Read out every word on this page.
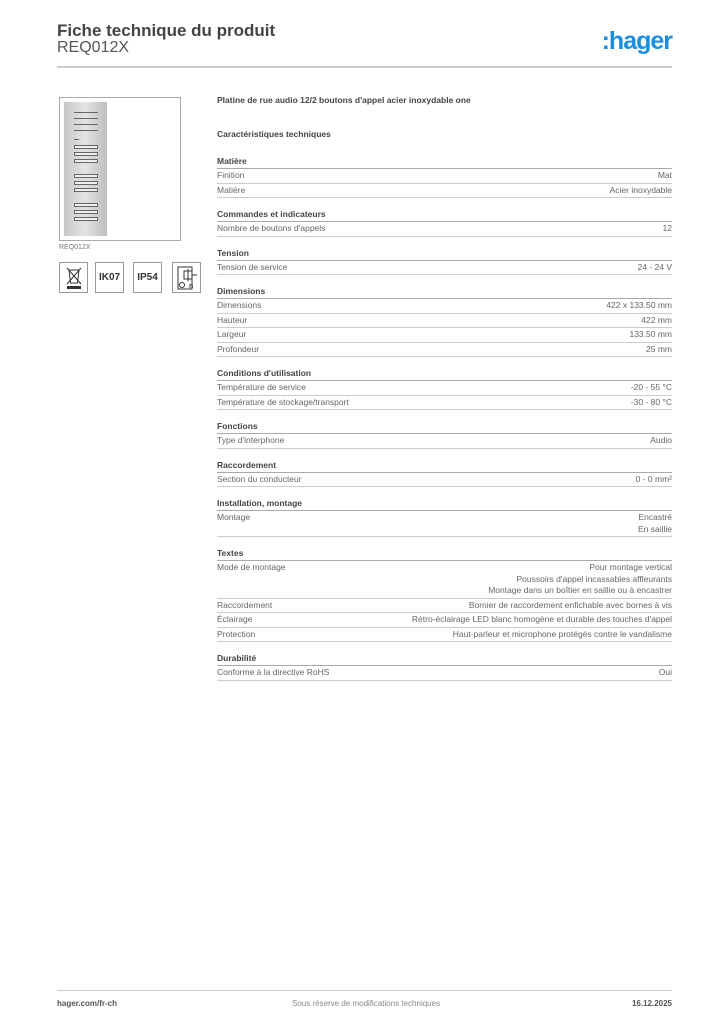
Fiche technique du produit
REQ012X	:hager
REQ012X
IK07	IP54
n
Platine de rue audio 12/2 boutons d'appel acier inoxydable one
Caractéristiques techniques
Matière
Finition	Mat
Matière	Acier inoxydable
Commandes et indicateurs
Nombre de boutons d'appels	12
Tension
Tension de service	24 - 24 V
Dimensions
Dimensions	422 x 133.50 mm
Hauteur	422 mm
Largeur	133.50 mm
Profondeur	25 mm
Conditions d'utilisation
Température de service	-20 - 55 °C
Température de stockage/transport	-30 - 80 °C
Fonctions
Type d'interphone	Audio
Raccordement
Section du conducteur	0 - 0 mm²
Installation, montage
Montage	Encastré
En saillie
Textes
Mode de montage	Pour montage vertical
Poussoirs d'appel incassables affleurants
Montage dans un boîtier en saillie ou à encastrer
Raccordement	Bornier de raccordement enfichable avec bornes à vis
Éclairage	Rétro-éclairage LED blanc homogène et durable des touches d'appel
Protection	Haut-parleur et microphone protégés contre le vandalisme
Durabilité
Conforme à la directive RoHS	Oui
hager.com/fr-ch	Sous réserve de modifications techniques	16.12.2025
